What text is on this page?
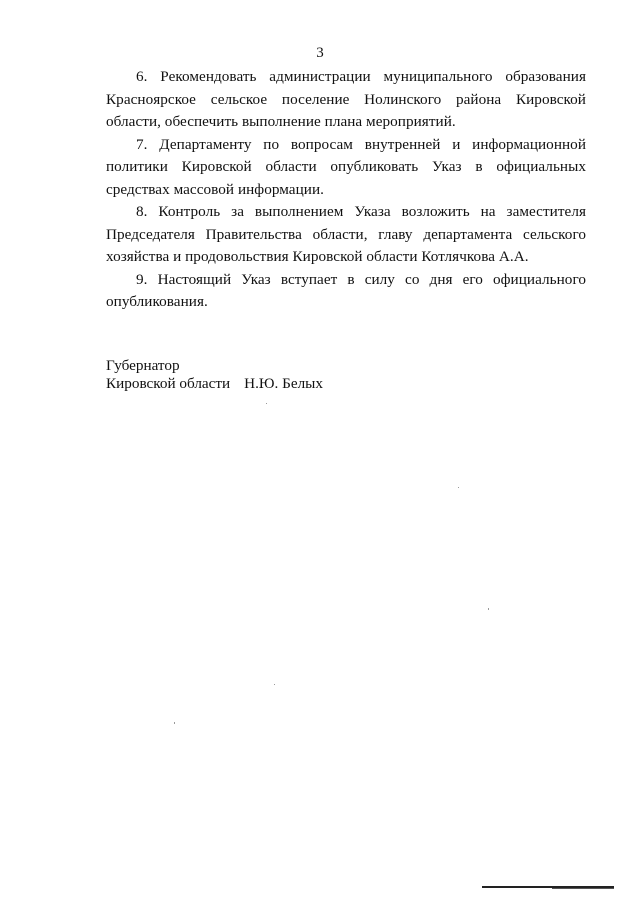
3

6. Рекомендовать администрации муниципального образования Краснoярское сельское поселение Нолинского района Кировской области, обеспечить выполнение плана мероприятий.

7. Департаменту по вопросам внутренней и информационной политики Кировской области опубликовать Указ в официальных средствах массовой информации.

8. Контроль за выполнением Указа возложить на заместителя Председателя Правительства области, главу департамента сельского хозяйства и продовольствия Кировской области Котлячкова А.А.

9. Настоящий Указ вступает в силу со дня его официального опубликования.

Губернатор
Кировской области Н.Ю. Белых
